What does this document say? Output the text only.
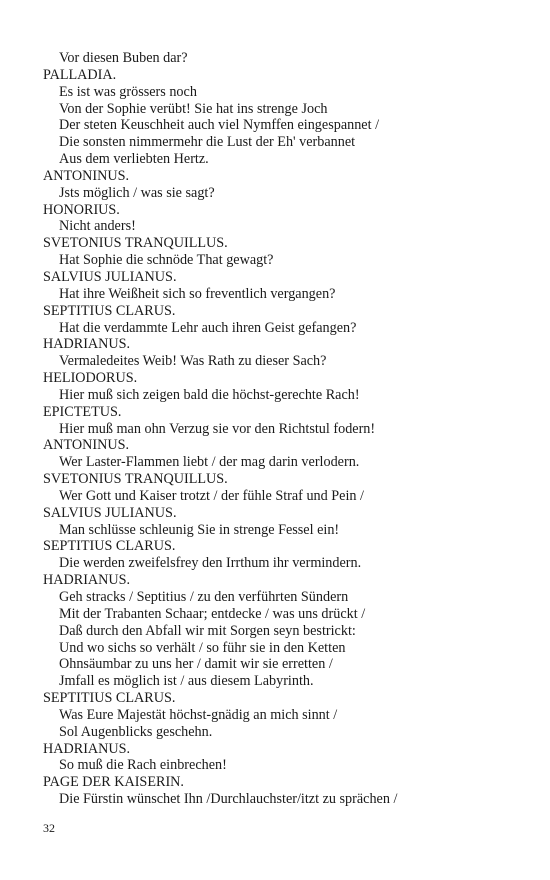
Vor diesen Buben dar?
PALLADIA.
Es ist was grössers noch
Von der Sophie verübt! Sie hat ins strenge Joch
Der steten Keuschheit auch viel Nymffen eingespannet /
Die sonsten nimmermehr die Lust der Eh' verbannet
Aus dem verliebten Hertz.
ANTONINUS.
Jsts möglich / was sie sagt?
HONORIUS.
Nicht anders!
SVETONIUS TRANQUILLUS.
Hat Sophie die schnöde That gewagt?
SALVIUS JULIANUS.
Hat ihre Weißheit sich so freventlich vergangen?
SEPTITIUS CLARUS.
Hat die verdammte Lehr auch ihren Geist gefangen?
HADRIANUS.
Vermaledeites Weib! Was Rath zu dieser Sach?
HELIODORUS.
Hier muß sich zeigen bald die höchst-gerechte Rach!
EPICTETUS.
Hier muß man ohn Verzug sie vor den Richtstul fodern!
ANTONINUS.
Wer Laster-Flammen liebt / der mag darin verlodern.
SVETONIUS TRANQUILLUS.
Wer Gott und Kaiser trotzt / der fühle Straf und Pein /
SALVIUS JULIANUS.
Man schlüsse schleunig Sie in strenge Fessel ein!
SEPTITIUS CLARUS.
Die werden zweifelsfrey den Irrthum ihr vermindern.
HADRIANUS.
Geh stracks / Septitius / zu den verführten Sündern
Mit der Trabanten Schaar; entdecke / was uns drückt /
Daß durch den Abfall wir mit Sorgen seyn bestrickt:
Und wo sichs so verhält / so führ sie in den Ketten
Ohnsäumbar zu uns her / damit wir sie erretten /
Jmfall es möglich ist / aus diesem Labyrinth.
SEPTITIUS CLARUS.
Was Eure Majestät höchst-gnädig an mich sinnt /
Sol Augenblicks geschehn.
HADRIANUS.
So muß die Rach einbrechen!
PAGE DER KAISERIN.
Die Fürstin wünschet Ihn /Durchlauchster/itzt zu sprächen /
32
